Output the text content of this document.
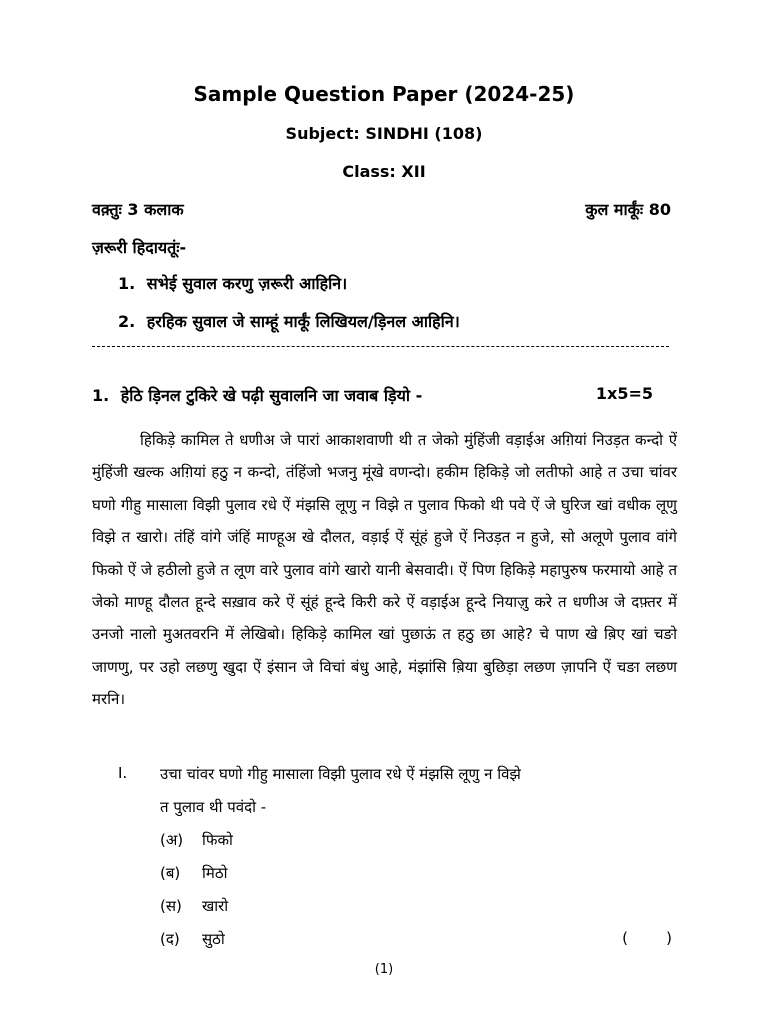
Sample Question Paper (2024-25)
Subject: SINDHI (108)
Class: XII
वक़्तुः 3 कलाक	कुल मार्कूंः 80
ज़रूरी हिदायतूंः-
1. सभेई सुवाल करणु ज़रूरी आहिनि।
2. हरहिक सुवाल जे साम्हूं मार्कूं लिखियल/ड़िनल आहिनि।
1. हेठि ड़िनल टुकिरे खे पढ़ी सुवालनि जा जवाब ड़ियो -	1x5=5

हिकिड़े कामिल ते धणीअ जे पारां आकाशवाणी थी त जेको मुंहिंजी वड़ाईअ अग़ियां निउड़त कन्दो ऐं मुंहिंजी खल्क अग़ियां हठु न कन्दो, तंहिंजो भजनु मूंखे वणन्दो। हकीम हिकिड़े जो लतीफो आहे त उचा चांवर घणो गीहु मासाला विझी पुलाव रधे ऐं मंझसि लूणु न विझे त पुलाव फिको थी पवे ऐं जे घुरिज खां वधीक लूणु विझे त खारो। तंहिं वांगे जंहिं माण्हूअ खे दौलत, वड़ाई ऐं सूंहं हुजे ऐं निउड़त न हुजे, सो अलूणे पुलाव वांगे फिको ऐं जे हठीलो हुजे त लूण वारे पुलाव वांगे खारो यानी बेसवादी। ऐं पिण हिकिड़े महापुरुष फरमायो आहे त जेको माण्हू दौलत हून्दे सख़ाव करे ऐं सूंहं हून्दे किरी करे ऐं वड़ाईअ हून्दे नियाज़ु करे त धणीअ जे दफ़्तर में उनजो नालो मुअतवरनि में लेखिबो। हिकिड़े कामिल खां पुछाऊं त हठु छा आहे? चे पाण खे ब़िए खां चङो जाणणु, पर उहो लछणु खुदा ऐं इंसान जे विचां बंधु आहे, मंझांसि ब़िया बुछिड़ा लछण ज़ापनि ऐं चङा लछण मरनि।

I. उचा चांवर घणो गीहु मासाला विझी पुलाव रधे ऐं मंझसि लूणु न विझे
त पुलाव थी पवंदो -
(अ) फिको
(ब) मिठो
(स) खारो
(द) सुठो	(        )
(1)
